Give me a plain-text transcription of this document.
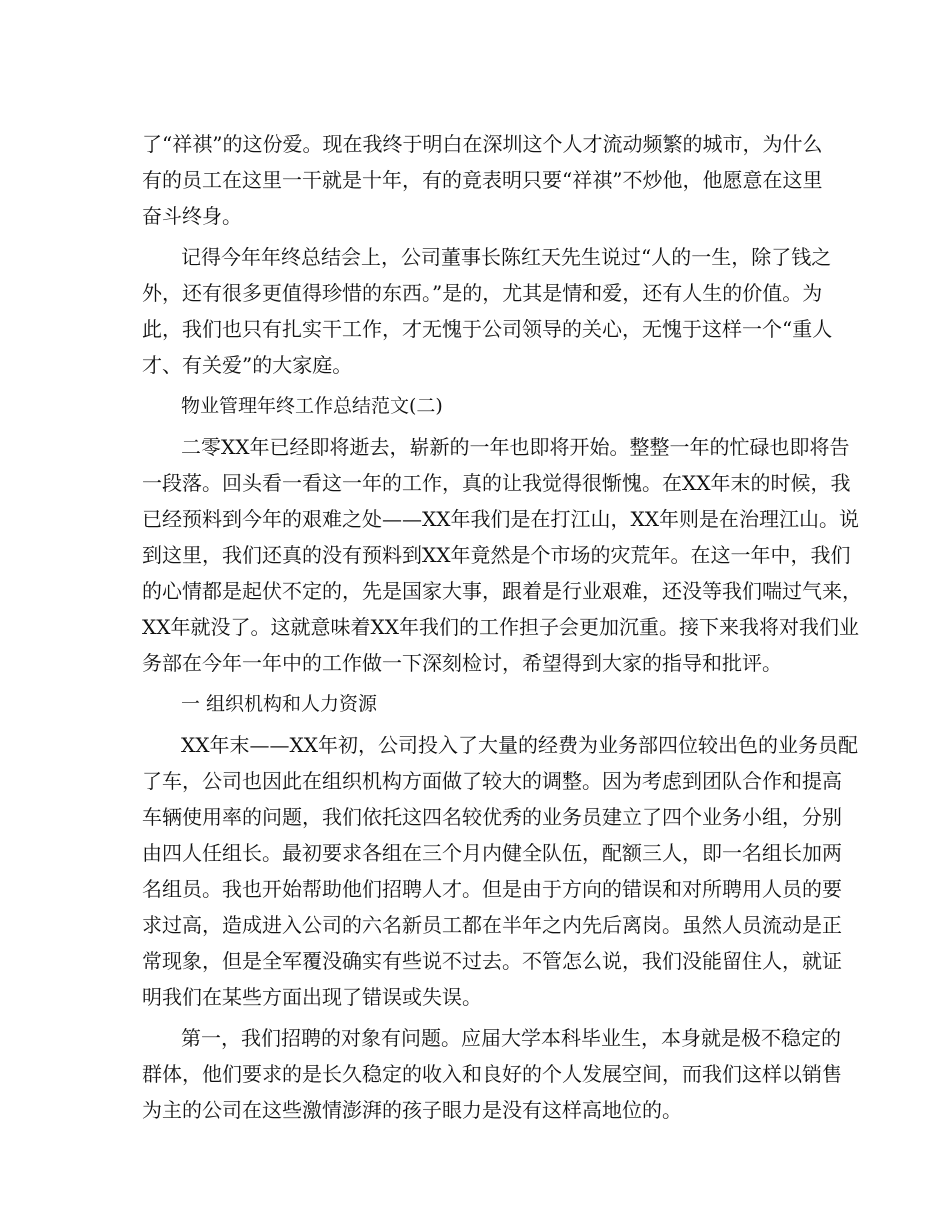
了“祥祺”的这份爱。现在我终于明白在深圳这个人才流动频繁的城市，为什么
有的员工在这里一干就是十年，有的竟表明只要“祥祺”不炒他，他愿意在这里
奋斗终身。
记得今年年终总结会上，公司董事长陈红天先生说过“人的一生，除了钱之
外，还有很多更值得珍惜的东西。”是的，尤其是情和爱，还有人生的价值。为
此，我们也只有扎实干工作，才无愧于公司领导的关心，无愧于这样一个“重人
才、有关爱”的大家庭。
物业管理年终工作总结范文(二)
二零XX年已经即将逝去，崭新的一年也即将开始。整整一年的忙碌也即将告
一段落。回头看一看这一年的工作，真的让我觉得很惭愧。在XX年末的时候，我
已经预料到今年的艰难之处——XX年我们是在打江山，XX年则是在治理江山。说
到这里，我们还真的没有预料到XX年竟然是个市场的灾荒年。在这一年中，我们
的心情都是起伏不定的，先是国家大事，跟着是行业艰难，还没等我们喘过气来，
XX年就没了。这就意味着XX年我们的工作担子会更加沉重。接下来我将对我们业
务部在今年一年中的工作做一下深刻检讨，希望得到大家的指导和批评。
一 组织机构和人力资源
XX年末——XX年初，公司投入了大量的经费为业务部四位较出色的业务员配
了车，公司也因此在组织机构方面做了较大的调整。因为考虑到团队合作和提高
车辆使用率的问题，我们依托这四名较优秀的业务员建立了四个业务小组，分别
由四人任组长。最初要求各组在三个月内健全队伍，配额三人，即一名组长加两
名组员。我也开始帮助他们招聘人才。但是由于方向的错误和对所聘用人员的要
求过高，造成进入公司的六名新员工都在半年之内先后离岗。虽然人员流动是正
常现象，但是全军覆没确实有些说不过去。不管怎么说，我们没能留住人，就证
明我们在某些方面出现了错误或失误。
第一，我们招聘的对象有问题。应届大学本科毕业生，本身就是极不稳定的
群体，他们要求的是长久稳定的收入和良好的个人发展空间，而我们这样以销售
为主的公司在这些激情澎湃的孩子眼力是没有这样高地位的。
